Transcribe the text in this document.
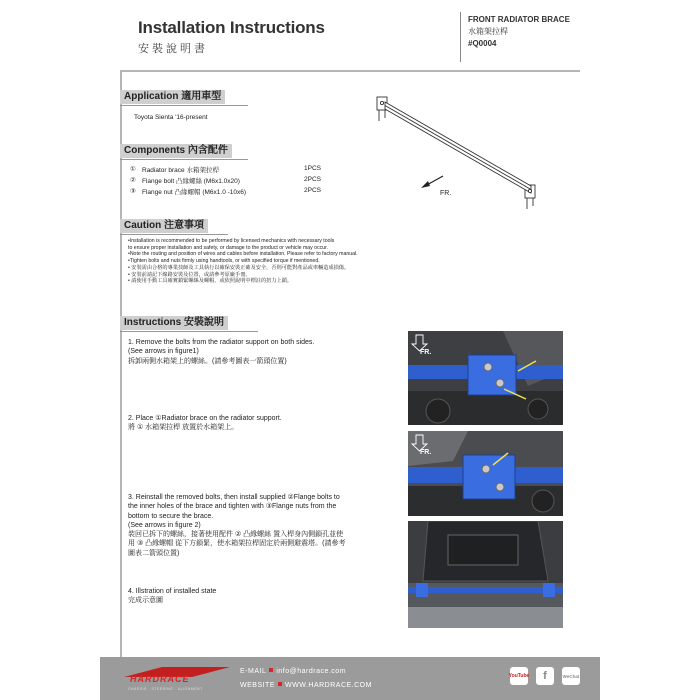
Installation Instructions
安裝說明書
FRONT RADIATOR BRACE
水箱架拉桿
#Q0004
Application 適用車型
Toyota Sienta '16-present
FR.
Components 內含配件
① Radiator brace 水箱架拉桿	1PCS
② Flange bolt 凸緣螺絲 (M6x1.0x20)	2PCS
③ Flange nut 凸緣螺帽 (M6x1.0 -10x6)	2PCS
Caution 注意事項
•Installation is recommended to be performed by licensed mechanics with necessary tools
to ensure proper installation and safety, or damage to the product or vehicle may occur.
•Note the routing and position of wires and cables before installation. Please refer to factory manual.
•Tighten bolts and nuts firmly using handtools, or with specified torque if mentioned.
• 安裝需由合格的專業技師及工具執行以確保安裝正確及安全，否則可能對產品或車輛造成損傷。
• 安裝前請記下線路安裝及位置，或請參考原廠手冊。
• 請使用手動工具確實鎖緊螺絲及螺帽，或依照說明中標註的扭力上鎖。
Instructions 安裝說明
1. Remove the bolts from the radiator support on both sides.
(See arrows in figure1)
拆卸兩側水箱架上的螺絲。(請參考圖表一箭頭位置)
2. Place ①Radiator brace on the radiator support.
將 ① 水箱架拉桿 放置於水箱架上。
3. Reinstall the removed bolts, then install supplied ②Flange bolts to
the inner holes of the brace and tighten with ③Flange nuts from the
bottom to secure the brace.
(See arrows in figure 2)
裝回已拆下的螺絲，接著使用配件 ② 凸緣螺絲 置入桿身內側鎖孔並使
用 ③ 凸緣螺帽 從下方鎖緊，使水箱架拉桿固定於兩側避震塔。(請參考
圖表二箭頭位置)
4. Illstration of installed state
完成示意圖
FR.
FR.
HARDRACE
CHASSIS · STEERING · ALIGNMENT
E-MAIL info@hardrace.com
WEBSITE WWW.HARDRACE.COM
YouTube f	WeChat
